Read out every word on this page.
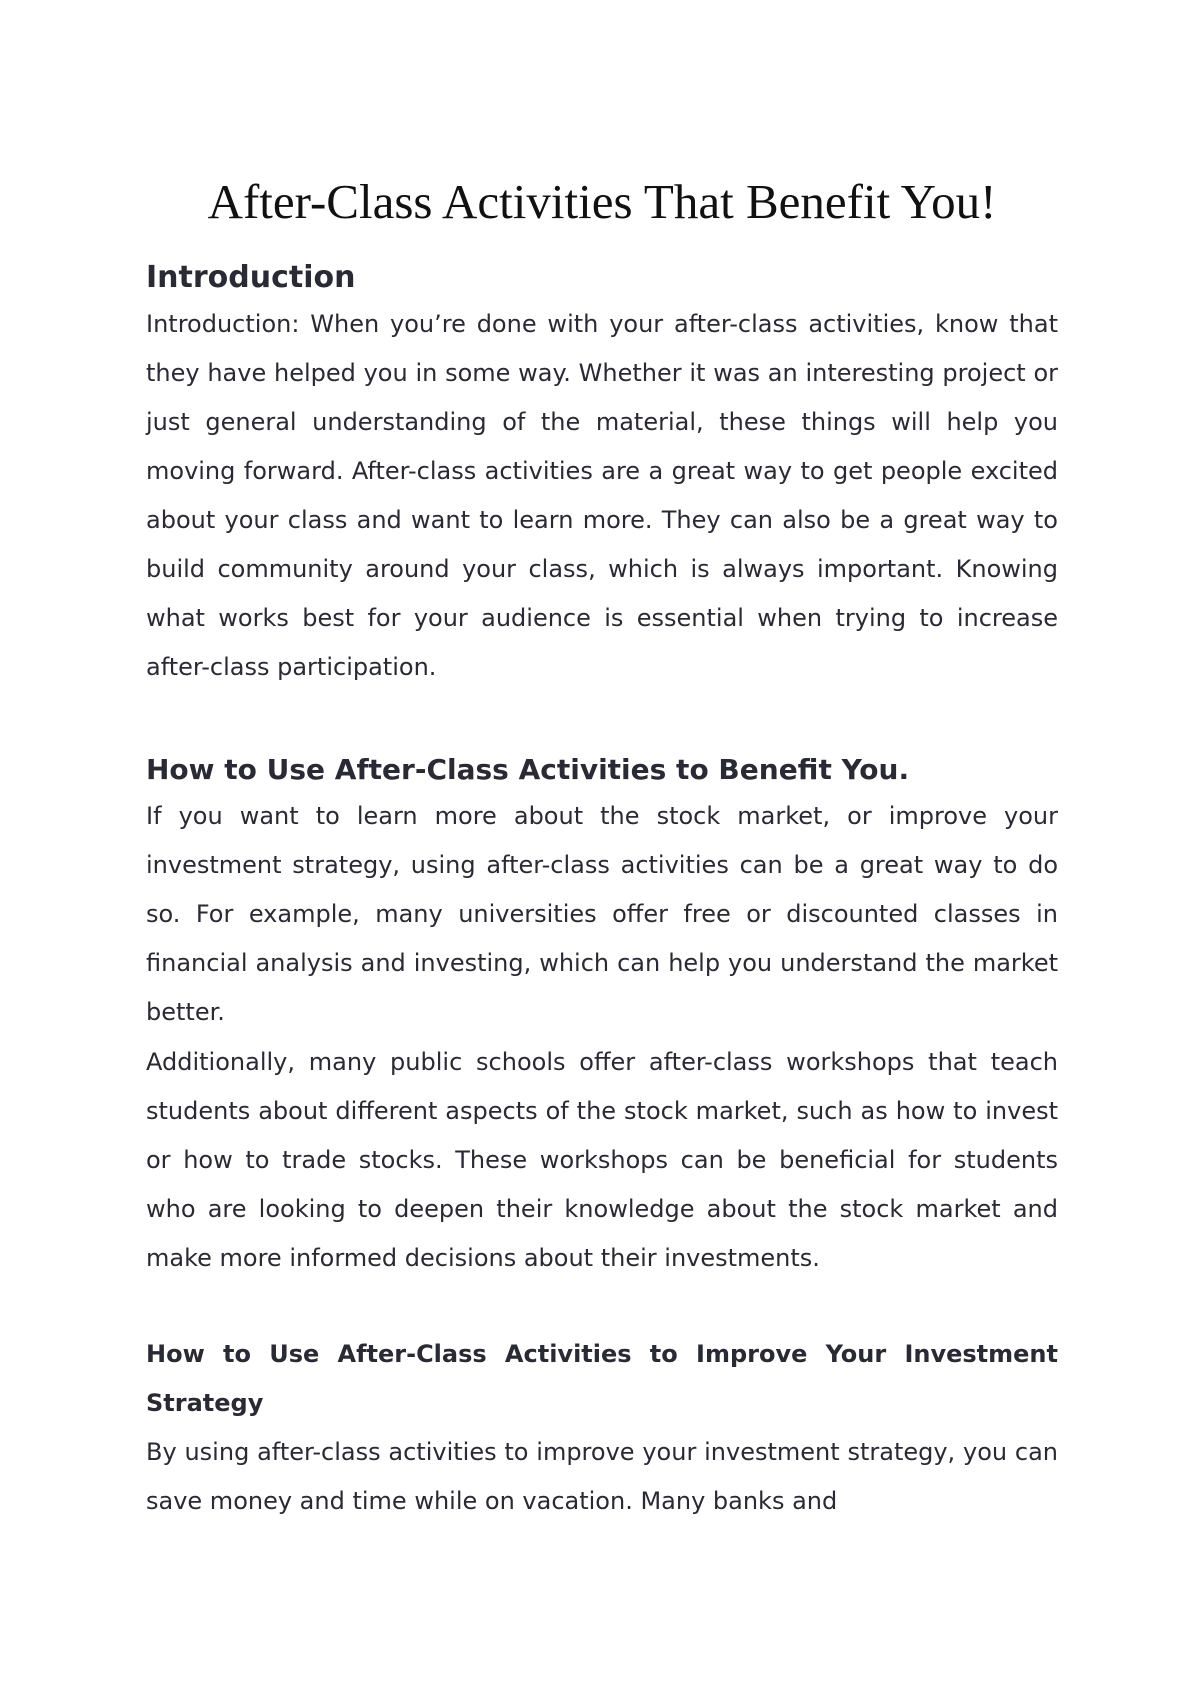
After-Class Activities That Benefit You!
Introduction

Introduction: When you’re done with your after-class activities, know that they have helped you in some way. Whether it was an interesting project or just general understanding of the material, these things will help you moving forward. After-class activities are a great way to get people excited about your class and want to learn more. They can also be a great way to build community around your class, which is always important. Knowing what works best for your audience is essential when trying to increase after-class participation.

How to Use After-Class Activities to Benefit You.

If you want to learn more about the stock market, or improve your investment strategy, using after-class activities can be a great way to do so. For example, many universities offer free or discounted classes in financial analysis and investing, which can help you understand the market better.

Additionally, many public schools offer after-class workshops that teach students about different aspects of the stock market, such as how to invest or how to trade stocks. These workshops can be beneficial for students who are looking to deepen their knowledge about the stock market and make more informed decisions about their investments.

How to Use After-Class Activities to Improve Your Investment Strategy

By using after-class activities to improve your investment strategy, you can save money and time while on vacation. Many banks and
